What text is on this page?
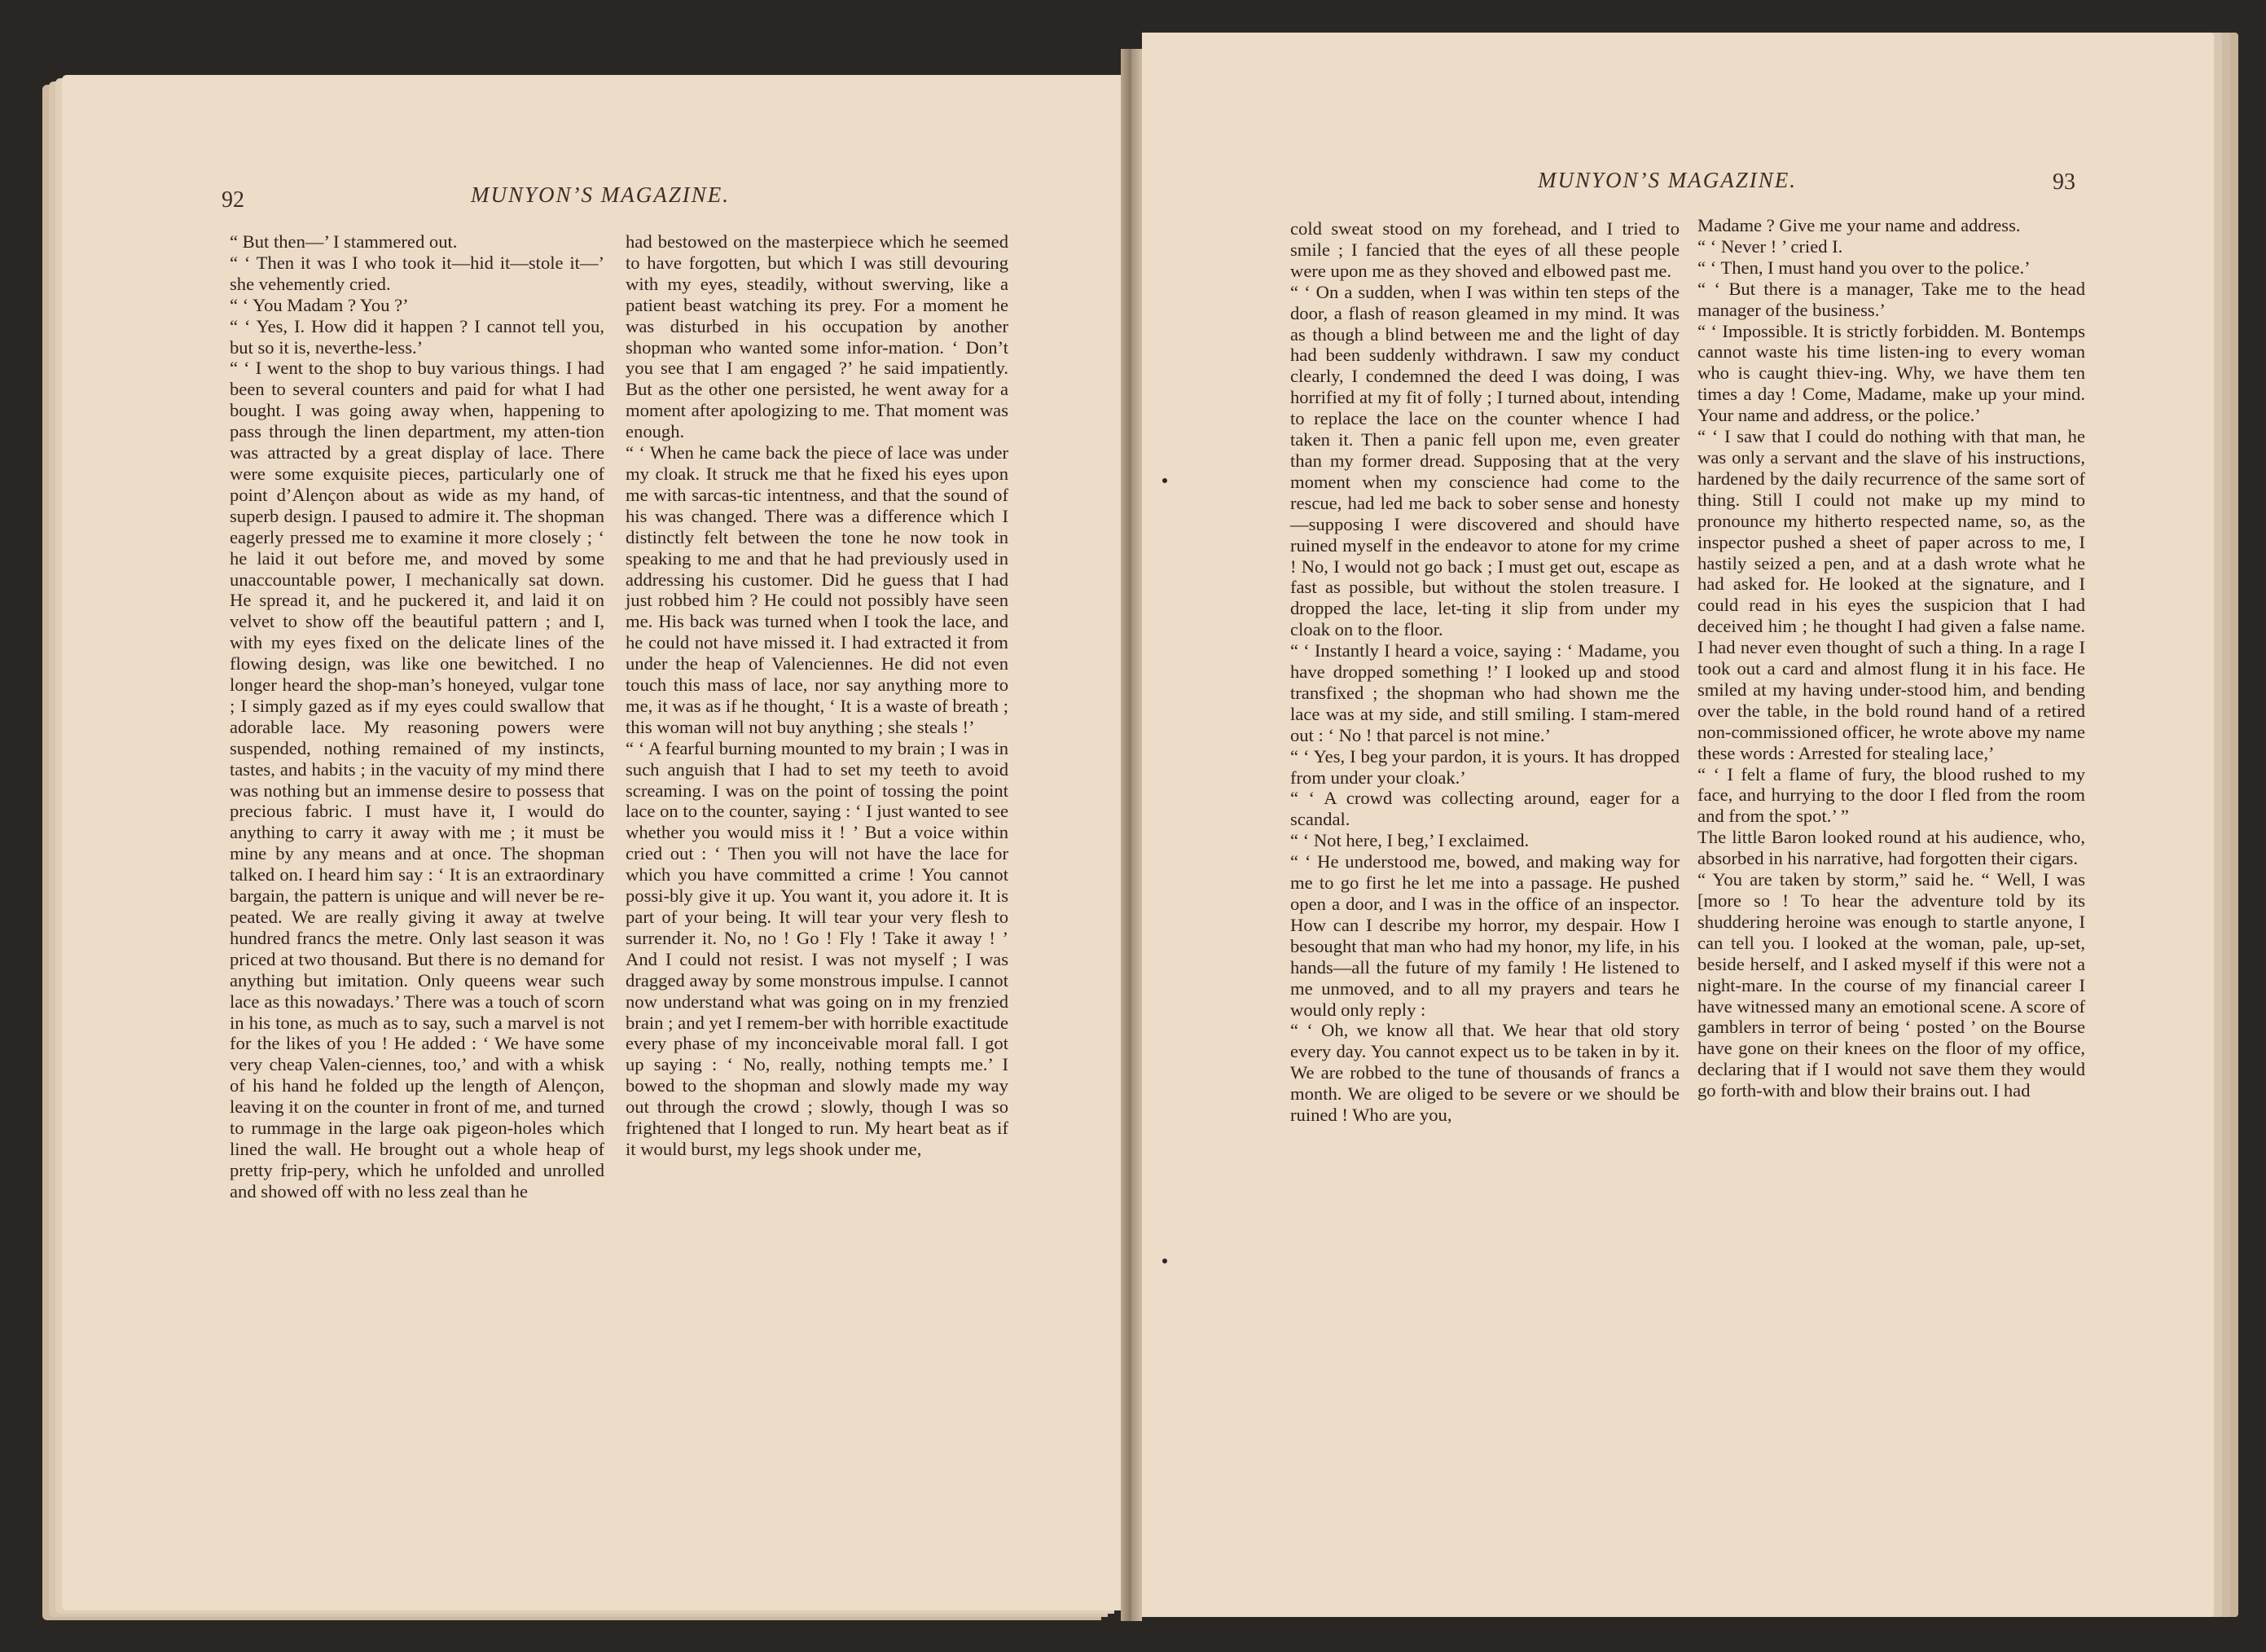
92	MUNYON’S MAGAZINE.

“ But then—’ I stammered out.

“ ‘ Then it was I who took it—hid it—stole it—’ she vehemently cried.

“ ‘ You Madam ? You ?’

“ ‘ Yes, I. How did it happen ? I cannot tell you, but so it is, neverthe-less.’

“ ‘ I went to the shop to buy various things. I had been to several counters and paid for what I had bought. I was going away when, happening to pass through the linen department, my atten-tion was attracted by a great display of lace. There were some exquisite pieces, particularly one of point d’Alençon about as wide as my hand, of superb design. I paused to admire it. The shopman eagerly pressed me to examine it more closely ; ‘ he laid it out before me, and moved by some unaccountable power, I mechanically sat down. He spread it, and he puckered it, and laid it on velvet to show off the beautiful pattern ; and I, with my eyes fixed on the delicate lines of the flowing design, was like one bewitched. I no longer heard the shop-man’s honeyed, vulgar tone ; I simply gazed as if my eyes could swallow that adorable lace. My reasoning powers were suspended, nothing remained of my instincts, tastes, and habits ; in the vacuity of my mind there was nothing but an immense desire to possess that precious fabric. I must have it, I would do anything to carry it away with me ; it must be mine by any means and at once. The shopman talked on. I heard him say : ‘ It is an extraordinary bargain, the pattern is unique and will never be re-peated. We are really giving it away at twelve hundred francs the metre. Only last season it was priced at two thousand. But there is no demand for anything but imitation. Only queens wear such lace as this nowadays.’ There was a touch of scorn in his tone, as much as to say, such a marvel is not for the likes of you ! He added : ‘ We have some very cheap Valen-ciennes, too,’ and with a whisk of his hand he folded up the length of Alençon, leaving it on the counter in front of me, and turned to rummage in the large oak pigeon-holes which lined the wall. He brought out a whole heap of pretty frip-pery, which he unfolded and unrolled and showed off with no less zeal than he

had bestowed on the masterpiece which he seemed to have forgotten, but which I was still devouring with my eyes, steadily, without swerving, like a patient beast watching its prey. For a moment he was disturbed in his occupation by another shopman who wanted some infor-mation. ‘ Don’t you see that I am engaged ?’ he said impatiently. But as the other one persisted, he went away for a moment after apologizing to me. That moment was enough.

“ ‘ When he came back the piece of lace was under my cloak. It struck me that he fixed his eyes upon me with sarcas-tic intentness, and that the sound of his was changed. There was a difference which I distinctly felt between the tone he now took in speaking to me and that he had previously used in addressing his customer. Did he guess that I had just robbed him ? He could not possibly have seen me. His back was turned when I took the lace, and he could not have missed it. I had extracted it from under the heap of Valenciennes. He did not even touch this mass of lace, nor say anything more to me, it was as if he thought, ‘ It is a waste of breath ; this woman will not buy anything ; she steals !’

“ ‘ A fearful burning mounted to my brain ; I was in such anguish that I had to set my teeth to avoid screaming. I was on the point of tossing the point lace on to the counter, saying : ‘ I just wanted to see whether you would miss it ! ’ But a voice within cried out : ‘ Then you will not have the lace for which you have committed a crime ! You cannot possi-bly give it up. You want it, you adore it. It is part of your being. It will tear your very flesh to surrender it. No, no ! Go ! Fly ! Take it away ! ’ And I could not resist. I was not myself ; I was dragged away by some monstrous impulse. I cannot now understand what was going on in my frenzied brain ; and yet I remem-ber with horrible exactitude every phase of my inconceivable moral fall. I got up saying : ‘ No, really, nothing tempts me.’ I bowed to the shopman and slowly made my way out through the crowd ; slowly, though I was so frightened that I longed to run. My heart beat as if it would burst, my legs shook under me,

MUNYON’S MAGAZINE.	93

cold sweat stood on my forehead, and I tried to smile ; I fancied that the eyes of all these people were upon me as they shoved and elbowed past me.

“ ‘ On a sudden, when I was within ten steps of the door, a flash of reason gleamed in my mind. It was as though a blind between me and the light of day had been suddenly withdrawn. I saw my conduct clearly, I condemned the deed I was doing, I was horrified at my fit of folly ; I turned about, intending to replace the lace on the counter whence I had taken it. Then a panic fell upon me, even greater than my former dread. Supposing that at the very moment when my conscience had come to the rescue, had led me back to sober sense and honesty—supposing I were discovered and should have ruined myself in the endeavor to atone for my crime ! No, I would not go back ; I must get out, escape as fast as possible, but without the stolen treasure. I dropped the lace, let-ting it slip from under my cloak on to the floor.

“ ‘ Instantly I heard a voice, saying : ‘ Madame, you have dropped something !’ I looked up and stood transfixed ; the shopman who had shown me the lace was at my side, and still smiling. I stam-mered out : ‘ No ! that parcel is not mine.’

“ ‘ Yes, I beg your pardon, it is yours. It has dropped from under your cloak.’

“ ‘ A crowd was collecting around, eager for a scandal.

“ ‘ Not here, I beg,’ I exclaimed.

“ ‘ He understood me, bowed, and making way for me to go first he let me into a passage. He pushed open a door, and I was in the office of an inspector. How can I describe my horror, my despair. How I besought that man who had my honor, my life, in his hands—all the future of my family ! He listened to me unmoved, and to all my prayers and tears he would only reply :

“ ‘ Oh, we know all that. We hear that old story every day. You cannot expect us to be taken in by it. We are robbed to the tune of thousands of francs a month. We are oliged to be severe or we should be ruined ! Who are you,

Madame ? Give me your name and address.

“ ‘ Never ! ’ cried I.

“ ‘ Then, I must hand you over to the police.’

“ ‘ But there is a manager, Take me to the head manager of the business.’

“ ‘ Impossible. It is strictly forbidden. M. Bontemps cannot waste his time listen-ing to every woman who is caught thiev-ing. Why, we have them ten times a day ! Come, Madame, make up your mind. Your name and address, or the police.’

“ ‘ I saw that I could do nothing with that man, he was only a servant and the slave of his instructions, hardened by the daily recurrence of the same sort of thing. Still I could not make up my mind to pronounce my hitherto respected name, so, as the inspector pushed a sheet of paper across to me, I hastily seized a pen, and at a dash wrote what he had asked for. He looked at the signature, and I could read in his eyes the suspicion that I had deceived him ; he thought I had given a false name. I had never even thought of such a thing. In a rage I took out a card and almost flung it in his face. He smiled at my having under-stood him, and bending over the table, in the bold round hand of a retired non-commissioned officer, he wrote above my name these words : Arrested for stealing lace,’

“ ‘ I felt a flame of fury, the blood rushed to my face, and hurrying to the door I fled from the room and from the spot.’ ”

The little Baron looked round at his audience, who, absorbed in his narrative, had forgotten their cigars.

“ You are taken by storm,” said he. “ Well, I was [more so ! To hear the adventure told by its shuddering heroine was enough to startle anyone, I can tell you. I looked at the woman, pale, up-set, beside herself, and I asked myself if this were not a night-mare. In the course of my financial career I have witnessed many an emotional scene. A score of gamblers in terror of being ‘ posted ’ on the Bourse have gone on their knees on the floor of my office, declaring that if I would not save them they would go forth-with and blow their brains out. I had
